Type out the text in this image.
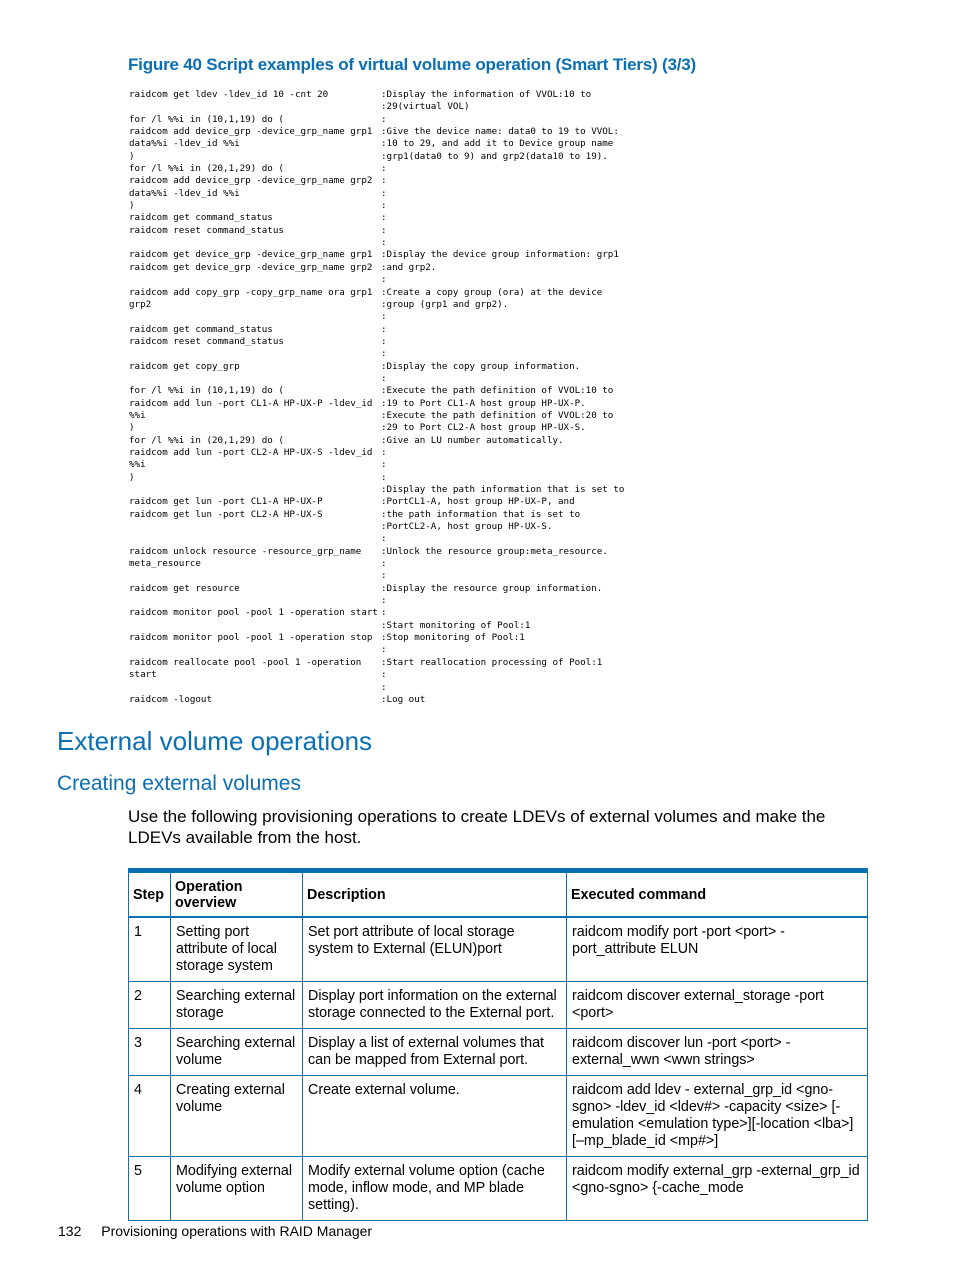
Figure 40 Script examples of virtual volume operation (Smart Tiers) (3/3)
raidcom get ldev -ldev_id 10 -cnt 20	:Display the information of VVOL:10 to
:29(virtual VOL)
for /l %%i in (10,1,19) do (	:
raidcom add device_grp -device_grp_name grp1 :Give the device name: data0 to 19 to VVOL:
data%%i -ldev_id %%i	:10 to 29, and add it to Device group name
)	:grp1(data0 to 9) and grp2(data10 to 19).
for /l %%i in (20,1,29) do (	:
raidcom add device_grp -device_grp_name grp2 :
data%%i -ldev_id %%i	:
)	:
raidcom get command_status	:
raidcom reset command_status	:
:
raidcom get device_grp -device_grp_name grp1 :Display the device group information: grp1
raidcom get device_grp -device_grp_name grp2 :and grp2.
:
raidcom add copy_grp -copy_grp_name ora grp1 :Create a copy group (ora) at the device
grp2	:group (grp1 and grp2).
:
raidcom get command_status	:
raidcom reset command_status	:
:
raidcom get copy_grp	:Display the copy group information.
:
for /l %%i in (10,1,19) do (	:Execute the path definition of VVOL:10 to
raidcom add lun -port CL1-A HP-UX-P -ldev_id :19 to Port CL1-A host group HP-UX-P.
%%i	:Execute the path definition of VVOL:20 to
)	:29 to Port CL2-A host group HP-UX-S.
for /l %%i in (20,1,29) do (	:Give an LU number automatically.
raidcom add lun -port CL2-A HP-UX-S -ldev_id :
%%i	:
)	:
:Display the path information that is set to
raidcom get lun -port CL1-A HP-UX-P	:PortCL1-A, host group HP-UX-P, and
raidcom get lun -port CL2-A HP-UX-S	:the path information that is set to
:PortCL2-A, host group HP-UX-S.
:
raidcom unlock resource -resource_grp_name :Unlock the resource group:meta_resource.
meta_resource	:
:
raidcom get resource	:Display the resource group information.
:
raidcom monitor pool -pool 1 -operation start :
:Start monitoring of Pool:1
raidcom monitor pool -pool 1 -operation stop :Stop monitoring of Pool:1
:
raidcom reallocate pool -pool 1 -operation :Start reallocation processing of Pool:1
start	:
:
raidcom -logout	:Log out
External volume operations
Creating external volumes

Use the following provisioning operations to create LDEVs of external volumes and make the LDEVs available from the host.

Step	Operation overview	Description	Executed command
1	Setting port attribute of local storage system	Set port attribute of local storage system to External (ELUN)port	raidcom modify port -port <port> -port_attribute ELUN
2	Searching external storage	Display port information on the external storage connected to the External port.	raidcom discover external_storage -port <port>
3	Searching external volume	Display a list of external volumes that can be mapped from External port.	raidcom discover lun -port <port> -external_wwn <wwn strings>
4	Creating external volume	Create external volume.	raidcom add ldev - external_grp_id <gno-sgno> -ldev_id <ldev#> -capacity <size> [-emulation <emulation type>][-location <lba>] [–mp_blade_id <mp#>]
5	Modifying external volume option	Modify external volume option (cache mode, inflow mode, and MP blade setting).	raidcom modify external_grp -external_grp_id <gno-sgno> {-cache_mode
132 Provisioning operations with RAID Manager
